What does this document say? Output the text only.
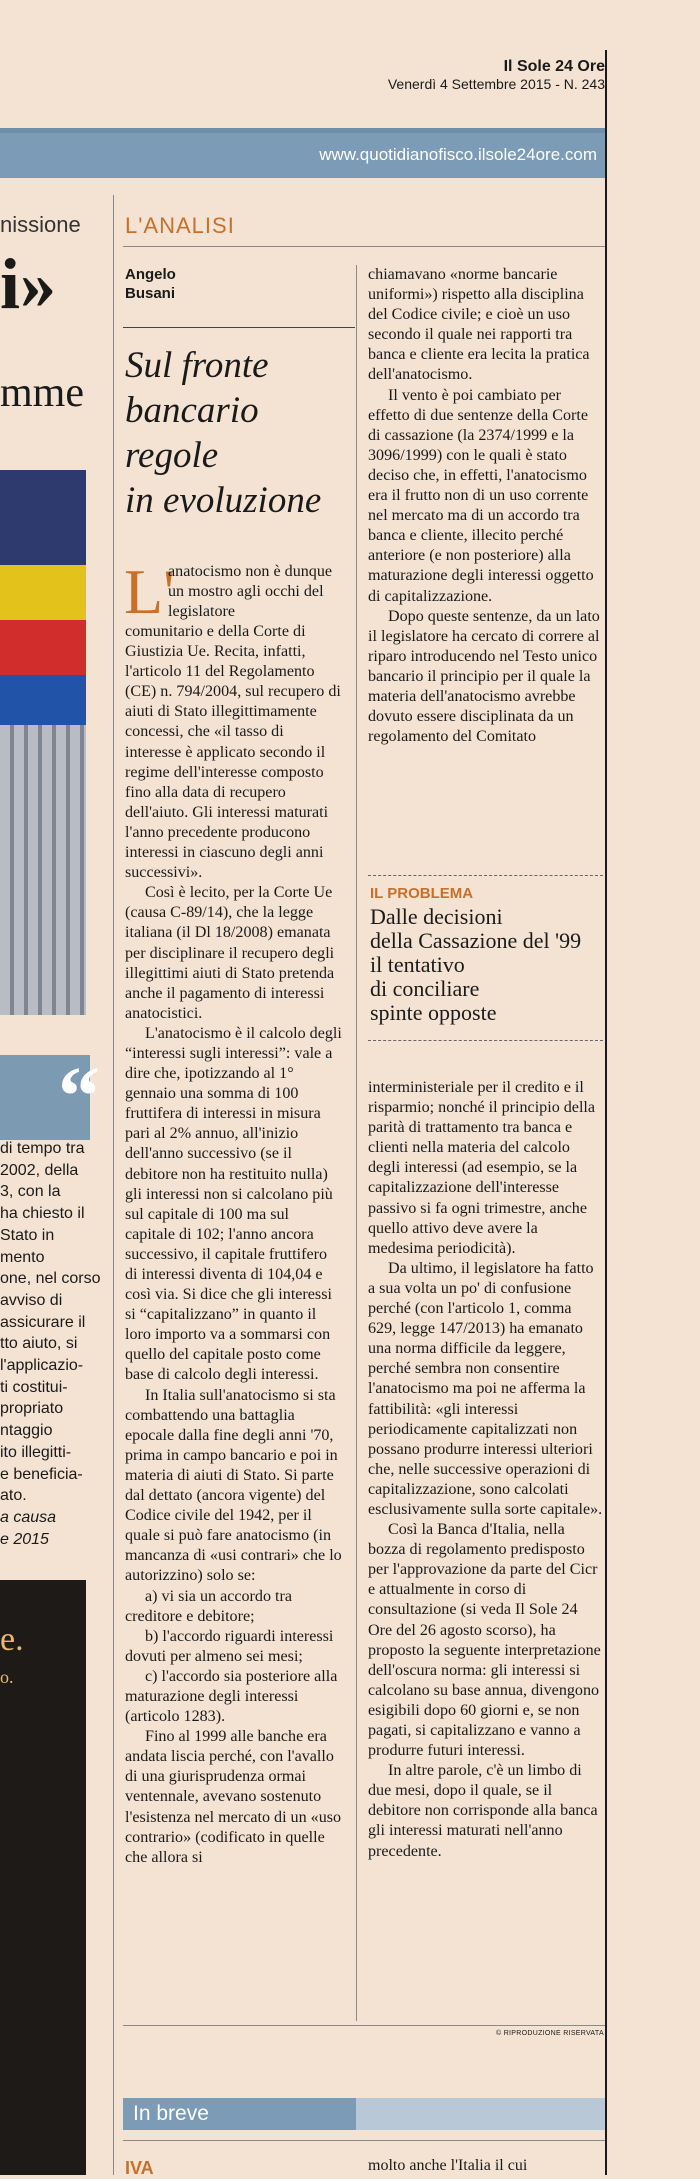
Il Sole 24 Ore
Venerdì 4 Settembre 2015 - N. 243
www.quotidianofisco.ilsole24ore.com
nissione
i»
mme
“
di tempo tra
2002, della
3, con la
ha chiesto il
Stato in
mento
one, nel corso
avviso di
assicurare il
tto aiuto, si
l'applicazio-
ti costitui-
propriato
ntaggio
ito illegitti-
e beneficia-
ato.
a causa
e 2015
e.
o.
L'ANALISI
Angelo
Busani
Sul fronte
bancario
regole
in evoluzione
L'
anatocismo non è dunque un mostro agli occhi del legislatore

comunitario e della Corte di Giustizia Ue. Recita, infatti, l'articolo 11 del Regolamento (CE) n. 794/2004, sul recupero di aiuti di Stato illegittimamente concessi, che «il tasso di interesse è applicato secondo il regime dell'interesse composto fino alla data di recupero dell'aiuto. Gli interessi maturati l'anno precedente producono interessi in ciascuno degli anni successivi».

Così è lecito, per la Corte Ue (causa C-89/14), che la legge italiana (il Dl 18/2008) emanata per disciplinare il recupero degli illegittimi aiuti di Stato pretenda anche il pagamento di interessi anatocistici.

L'anatocismo è il calcolo degli “interessi sugli interessi”: vale a dire che, ipotizzando al 1° gennaio una somma di 100 fruttifera di interessi in misura pari al 2% annuo, all'inizio dell'anno successivo (se il debitore non ha restituito nulla) gli interessi non si calcolano più sul capitale di 100 ma sul capitale di 102; l'anno ancora successivo, il capitale fruttifero di interessi diventa di 104,04 e così via. Si dice che gli interessi si “capitalizzano” in quanto il loro importo va a sommarsi con quello del capitale posto come base di calcolo degli interessi.

In Italia sull'anatocismo si sta combattendo una battaglia epocale dalla fine degli anni '70, prima in campo bancario e poi in materia di aiuti di Stato. Si parte dal dettato (ancora vigente) del Codice civile del 1942, per il quale si può fare anatocismo (in mancanza di «usi contrari» che lo autorizzino) solo se:

a) vi sia un accordo tra creditore e debitore;

b) l'accordo riguardi interessi dovuti per almeno sei mesi;

c) l'accordo sia posteriore alla maturazione degli interessi (articolo 1283).

Fino al 1999 alle banche era andata liscia perché, con l'avallo di una giurisprudenza ormai ventennale, avevano sostenuto l'esistenza nel mercato di un «uso contrario» (codificato in quelle che allora si

chiamavano «norme bancarie uniformi») rispetto alla disciplina del Codice civile; e cioè un uso secondo il quale nei rapporti tra banca e cliente era lecita la pratica dell'anatocismo.

Il vento è poi cambiato per effetto di due sentenze della Corte di cassazione (la 2374/1999 e la 3096/1999) con le quali è stato deciso che, in effetti, l'anatocismo era il frutto non di un uso corrente nel mercato ma di un accordo tra banca e cliente, illecito perché anteriore (e non posteriore) alla maturazione degli interessi oggetto di capitalizzazione.

Dopo queste sentenze, da un lato il legislatore ha cercato di correre al riparo introducendo nel Testo unico bancario il principio per il quale la materia dell'anatocismo avrebbe dovuto essere disciplinata da un regolamento del Comitato

IL PROBLEMA
Dalle decisioni
della Cassazione del '99
il tentativo
di conciliare
spinte opposte

interministeriale per il credito e il risparmio; nonché il principio della parità di trattamento tra banca e clienti nella materia del calcolo degli interessi (ad esempio, se la capitalizzazione dell'interesse passivo si fa ogni trimestre, anche quello attivo deve avere la medesima periodicità).

Da ultimo, il legislatore ha fatto a sua volta un po' di confusione perché (con l'articolo 1, comma 629, legge 147/2013) ha emanato una norma difficile da leggere, perché sembra non consentire l'anatocismo ma poi ne afferma la fattibilità: «gli interessi periodicamente capitalizzati non possano produrre interessi ulteriori che, nelle successive operazioni di capitalizzazione, sono calcolati esclusivamente sulla sorte capitale».

Così la Banca d'Italia, nella bozza di regolamento predisposto per l'approvazione da parte del Cicr e attualmente in corso di consultazione (si veda Il Sole 24 Ore del 26 agosto scorso), ha proposto la seguente interpretazione dell'oscura norma: gli interessi si calcolano su base annua, divengono esigibili dopo 60 giorni e, se non pagati, si capitalizzano e vanno a produrre futuri interessi.

In altre parole, c'è un limbo di due mesi, dopo il quale, se il debitore non corrisponde alla banca gli interessi maturati nell'anno precedente.

© RIPRODUZIONE RISERVATA
In breve
IVA	molto anche l'Italia il cui
